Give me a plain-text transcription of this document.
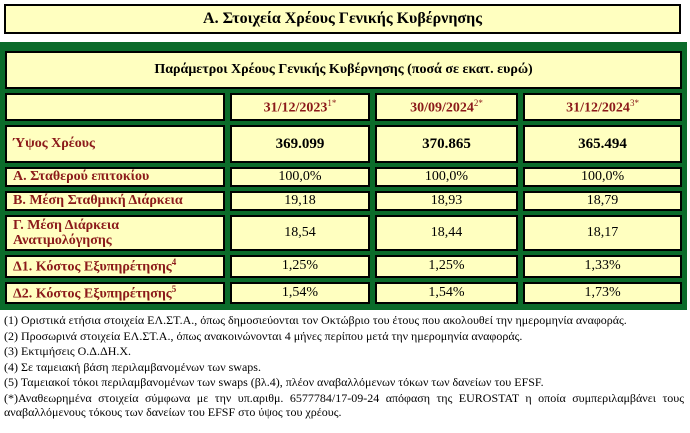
A. Στοιχεία Χρέους Γενικής Κυβέρνησης
Παράμετροι Χρέους Γενικής Κυβέρνησης (ποσά σε εκατ. ευρώ)						
		$31/12/2023^{1*}$		$30/09/2024^{2*}$		$31/12/2024^{3*}$
Ύψος Χρέους		369.099		370.865		365.494
Α. Σταθερού επιτοκίου		100,0%		100,0%		100,0%
Β. Μέση Σταθμική Διάρκεια		19,18		18,93		18,79
Γ. Μέση Διάρκεια Ανατιμολόγησης		18,54		18,44		18,17
Δ1. Κόστος Εξυπηρέτησης$^4$		1,25%		1,25%		1,33%
Δ2. Κόστος Εξυπηρέτησης$^5$		1,54%		1,54%		1,73%

(1) Οριστικά ετήσια στοιχεία ΕΛ.ΣΤ.Α., όπως δημοσιεύονται τον Οκτώβριο του έτους που ακολουθεί την ημερομηνία αναφοράς.

(2) Προσωρινά στοιχεία ΕΛ.ΣΤ.Α., όπως ανακοινώνονται 4 μήνες περίπου μετά την ημερομηνία αναφοράς.

(3) Εκτιμήσεις Ο.Δ.ΔΗ.Χ.

(4) Σε ταμειακή βάση περιλαμβανομένων των swaps.

(5) Ταμειακοί τόκοι περιλαμβανομένων των swaps (βλ.4), πλέον αναβαλλόμενων τόκων των δανείων του EFSF.

(*)Αναθεωρημένα στοιχεία σύμφωνα με την υπ.αριθμ. 6577784/17-09-24 απόφαση της EUROSTAT η οποία συμπεριλαμβάνει τους αναβαλλόμενους τόκους των δανείων του EFSF στο ύψος του χρέους.
